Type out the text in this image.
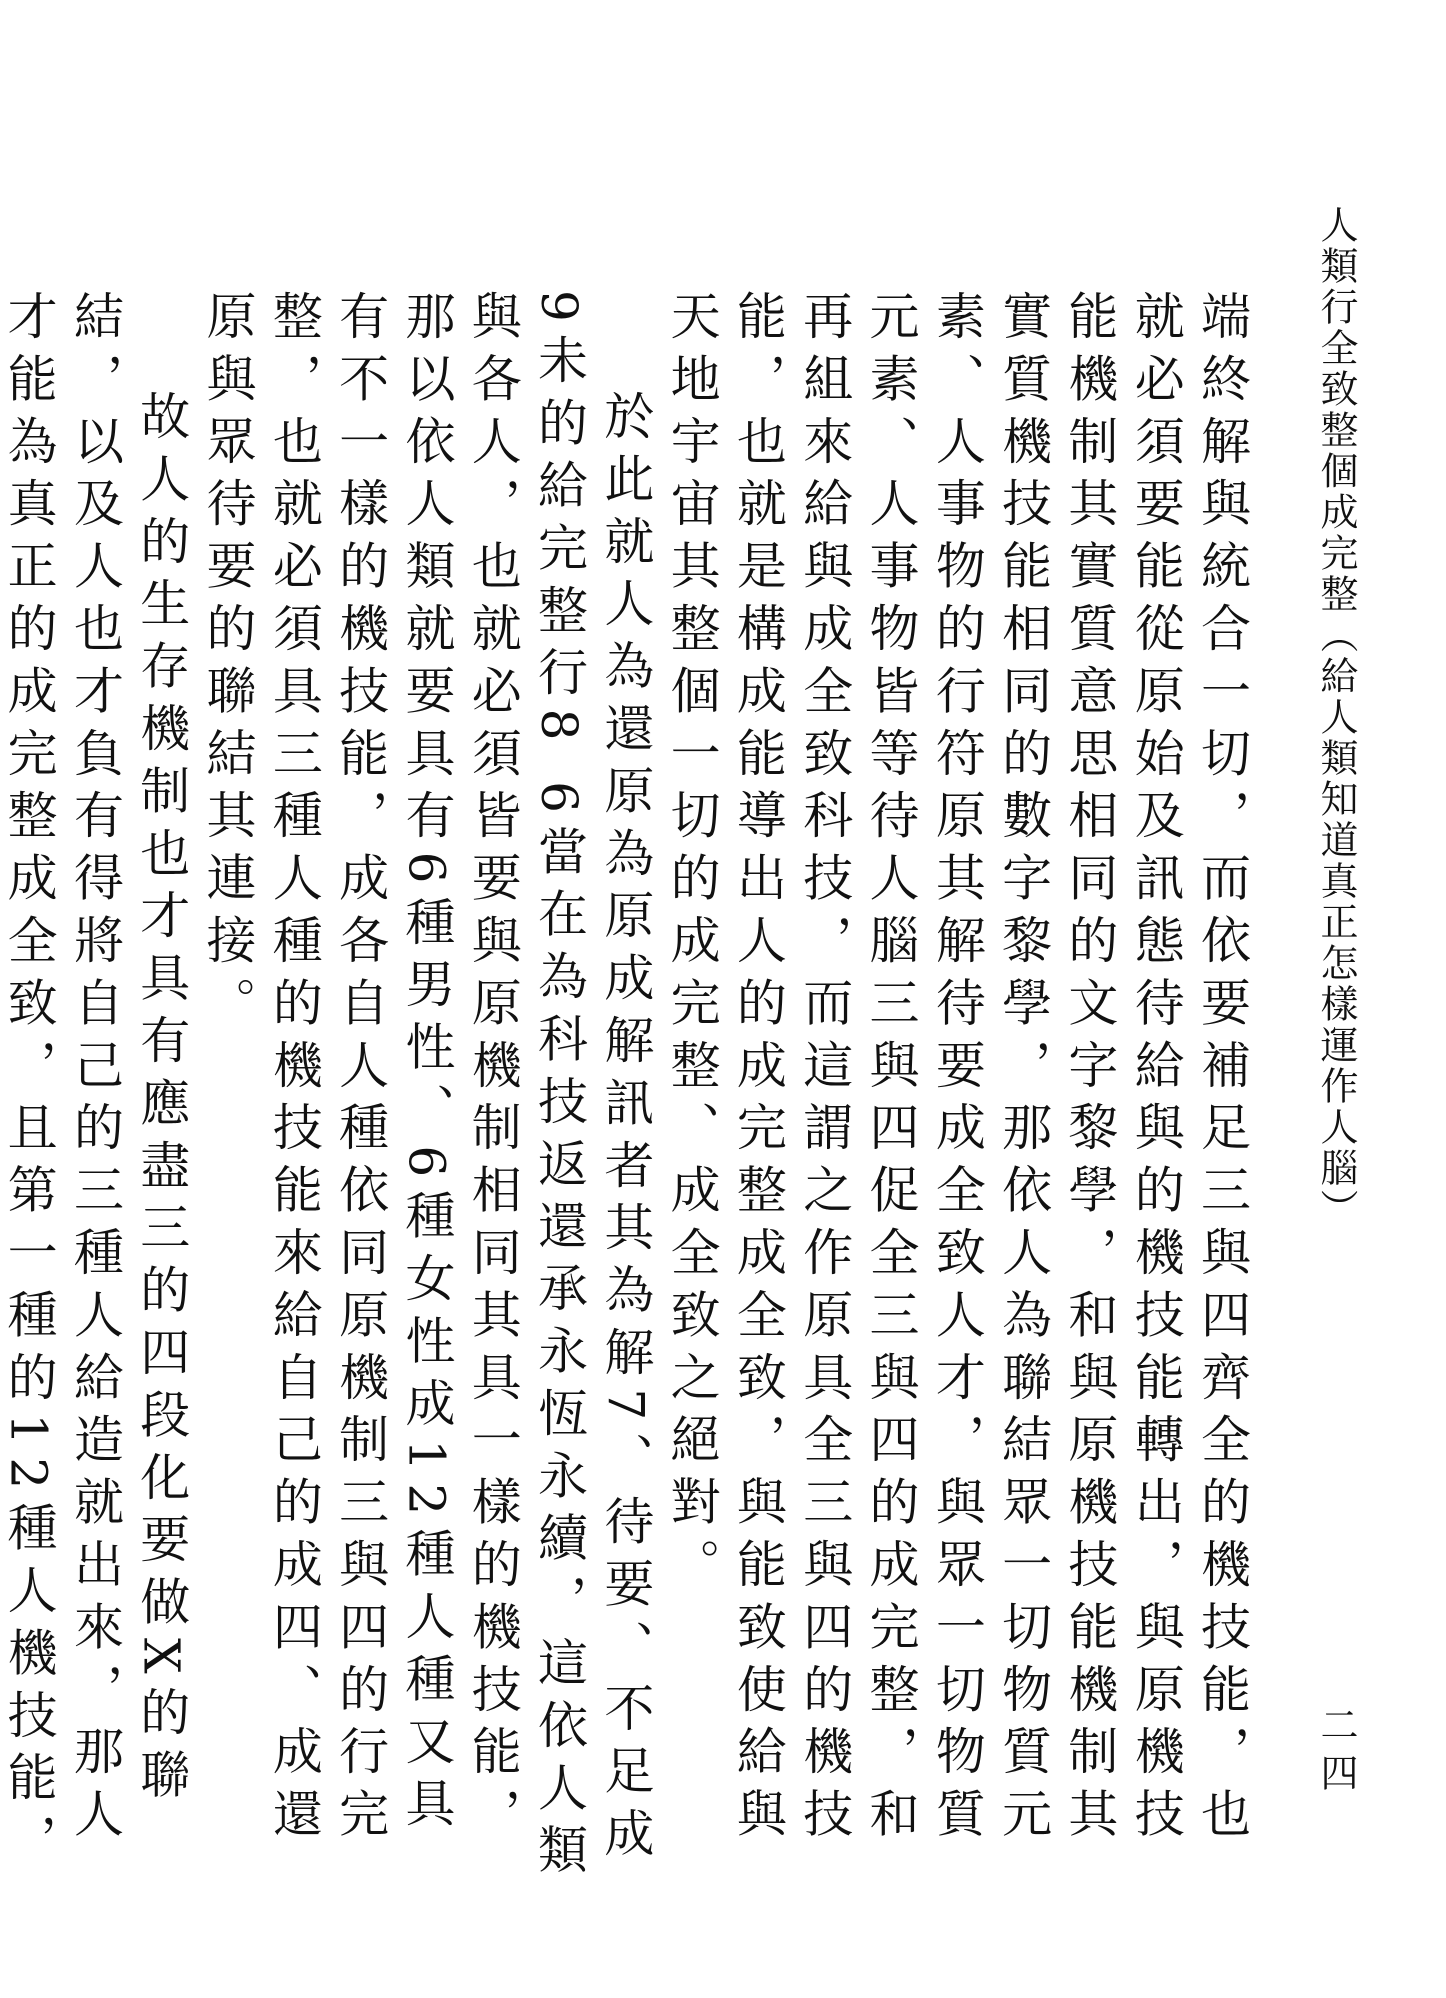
人類行全致整個成完整（給人類知道真正怎樣運作人腦）

端終解與統合一切，而依要補足三與四齊全的機技能，也就必須要能從原始及訊態待給與的機技能轉出，與原機技能機制其實質意思相同的文字黎學，和與原機技能機制其實質機技能相同的數字黎學，那依人為聯結眾一切物質元素、人事物的行符原其解待要成全致人才，與眾一切物質元素、人事物皆等待人腦三與四促全三與四的成完整，和再組來給與成全致科技，而這謂之作原具全三與四的機技能，也就是構成能導出人的成完整成全致，與能致使給與天地宇宙其整個一切的成完整、成全致之絕對。

於此就人為還原為原成解訊者其為解7、待要、不足成9未的給完整行8 6當在為科技返還承永恆永續，這依人類與各人，也就必須皆要與原機制相同其具一樣的機技能，那以依人類就要具有6種男性、6種女性成12種人種又具有不一樣的機技能，成各自人種依同原機制三與四的行完整，也就必須具三種人種的機技能來給自己的成四、成還原與眾待要的聯結其連接。

故人的生存機制也才具有應盡三的四段化要做X的聯結，以及人也才負有得將自己的三種人給造就出來，那人才能為真正的成完整成全致，且第一種的12種人機技能，

二四
